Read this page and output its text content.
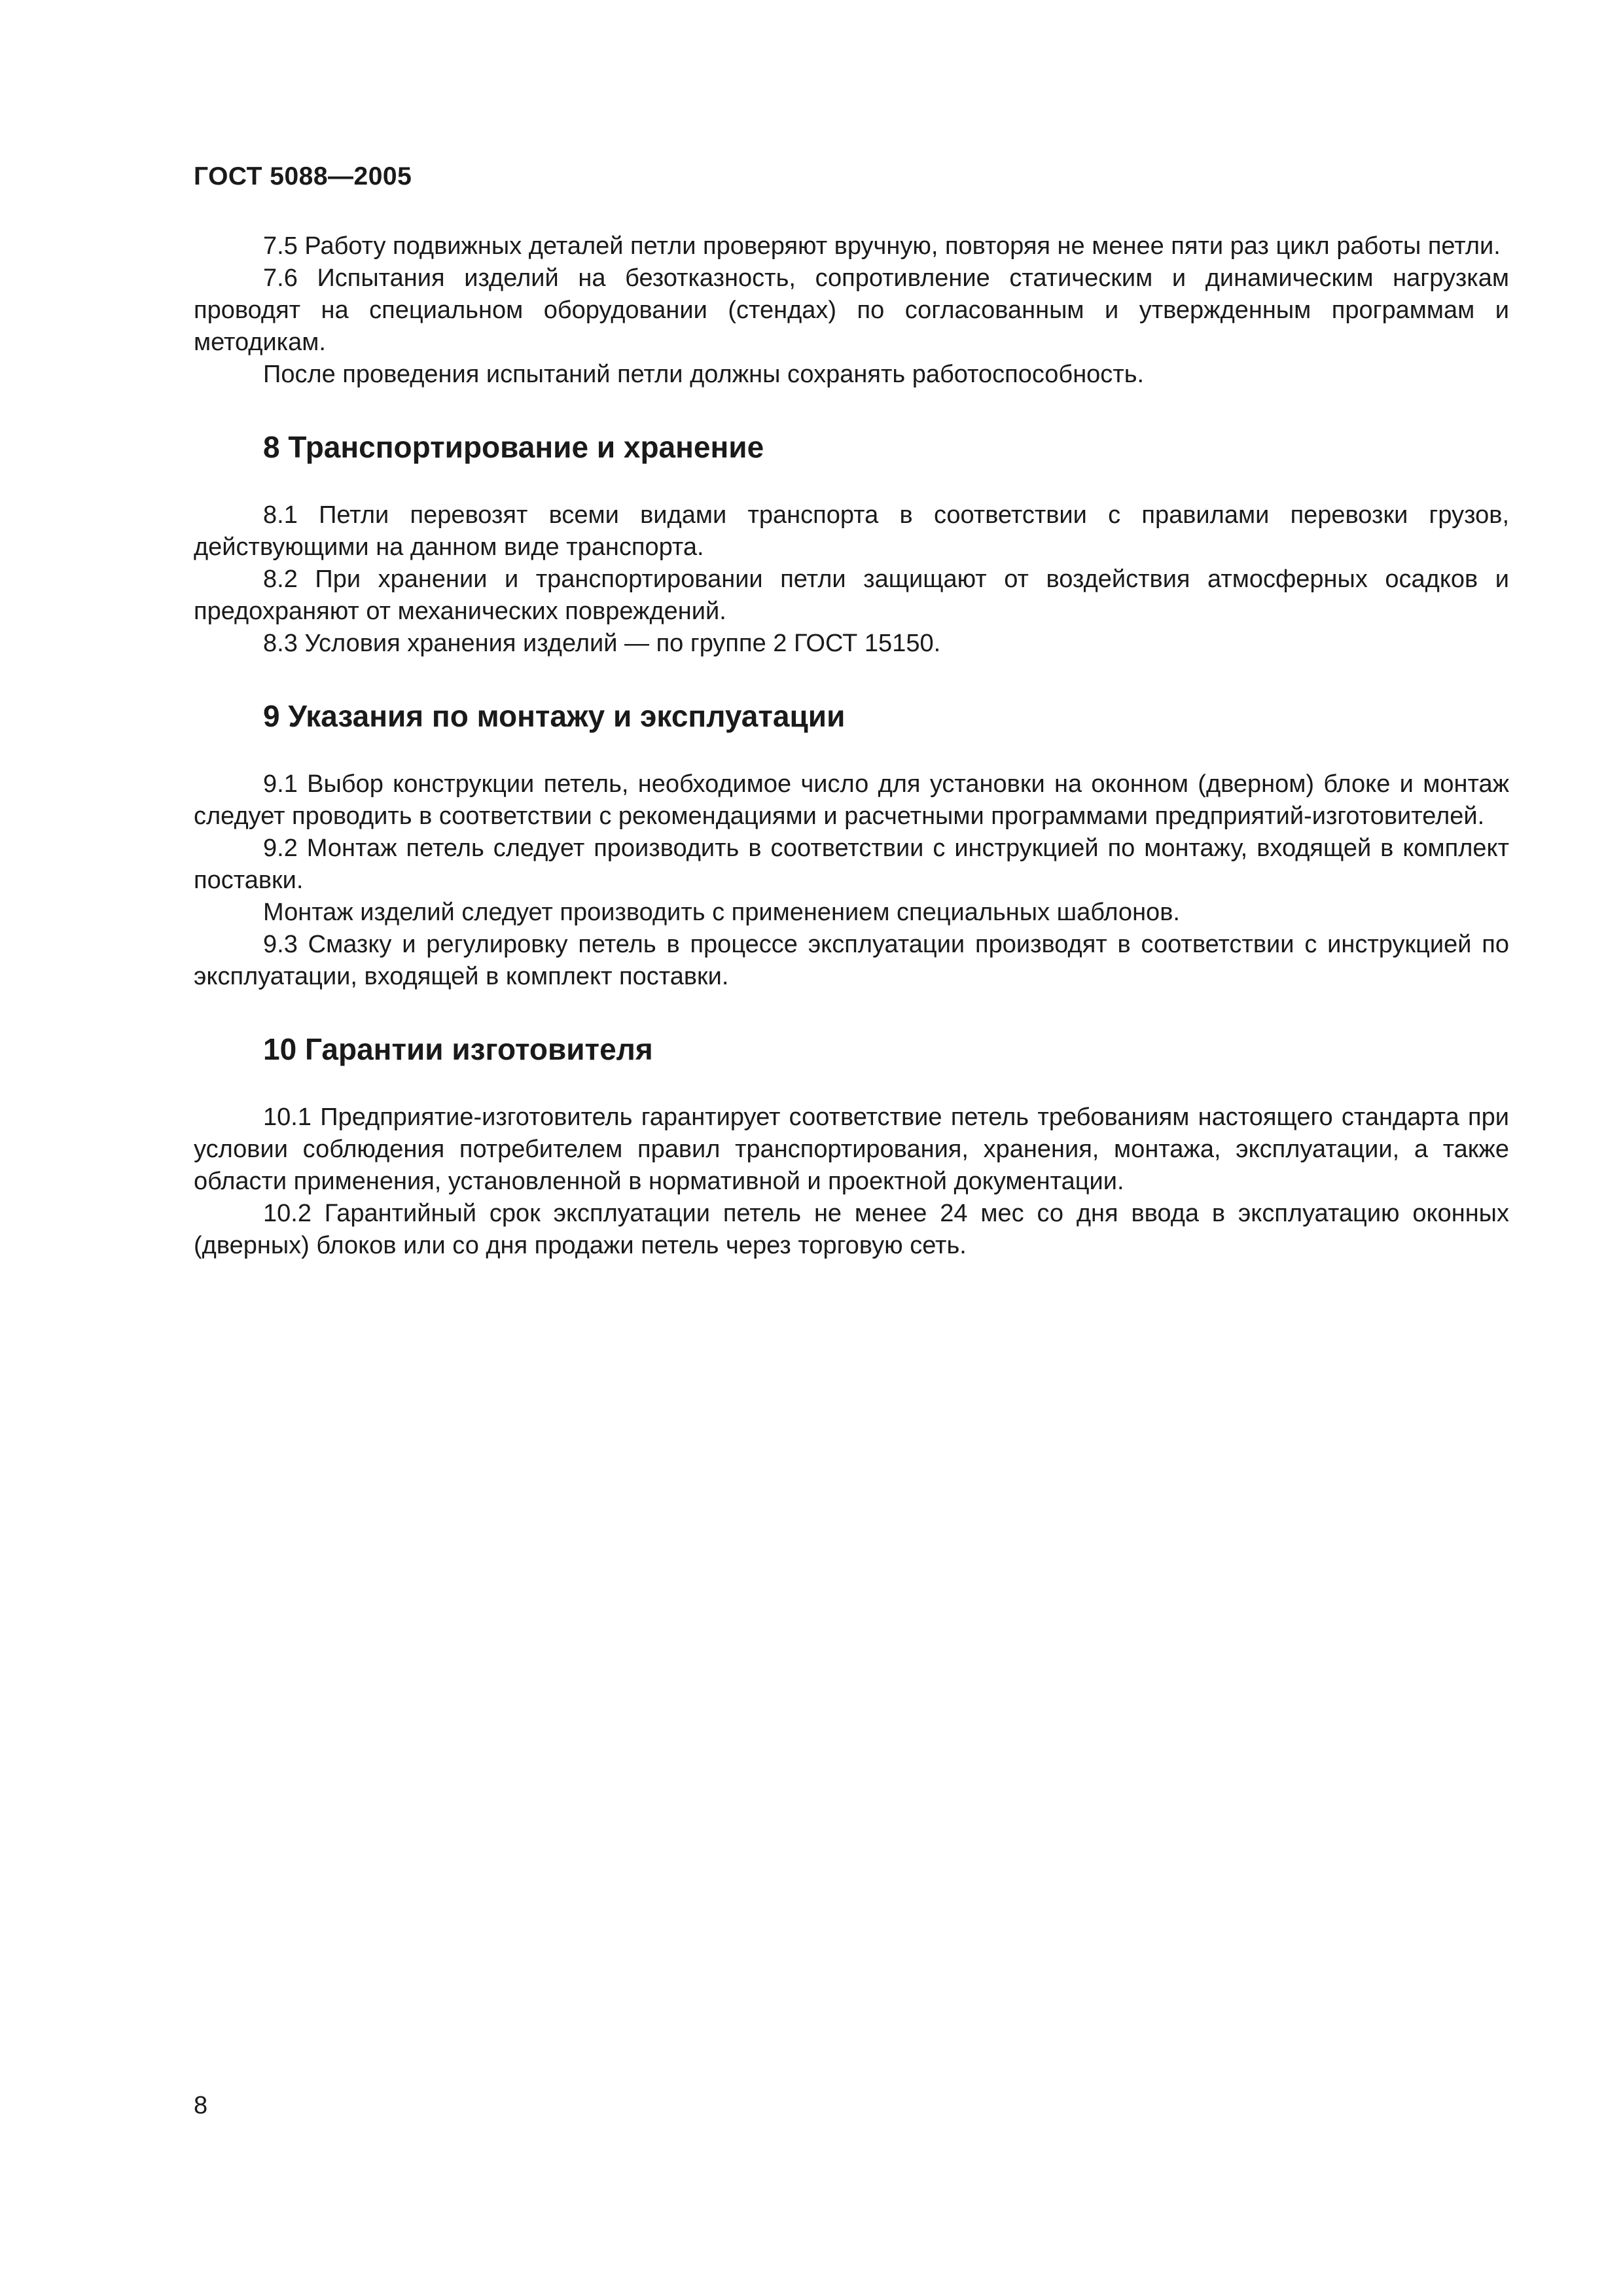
ГОСТ 5088—2005

7.5 Работу подвижных деталей петли проверяют вручную, повторяя не менее пяти раз цикл работы петли.

7.6 Испытания изделий на безотказность, сопротивление статическим и динамическим нагрузкам проводят на специальном оборудовании (стендах) по согласованным и утвержденным программам и методикам.

После проведения испытаний петли должны сохранять работоспособность.

8 Транспортирование и хранение

8.1 Петли перевозят всеми видами транспорта в соответствии с правилами перевозки грузов, действующими на данном виде транспорта.

8.2 При хранении и транспортировании петли защищают от воздействия атмосферных осадков и предохраняют от механических повреждений.

8.3 Условия хранения изделий — по группе 2 ГОСТ 15150.

9 Указания по монтажу и эксплуатации

9.1 Выбор конструкции петель, необходимое число для установки на оконном (дверном) блоке и монтаж следует проводить в соответствии с рекомендациями и расчетными программами предприятий-изготовителей.

9.2 Монтаж петель следует производить в соответствии с инструкцией по монтажу, входящей в комплект поставки.

Монтаж изделий следует производить с применением специальных шаблонов.

9.3 Смазку и регулировку петель в процессе эксплуатации производят в соответствии с инструкцией по эксплуатации, входящей в комплект поставки.

10 Гарантии изготовителя

10.1 Предприятие-изготовитель гарантирует соответствие петель требованиям настоящего стандарта при условии соблюдения потребителем правил транспортирования, хранения, монтажа, эксплуатации, а также области применения, установленной в нормативной и проектной документации.

10.2 Гарантийный срок эксплуатации петель не менее 24 мес со дня ввода в эксплуатацию оконных (дверных) блоков или со дня продажи петель через торговую сеть.

8
